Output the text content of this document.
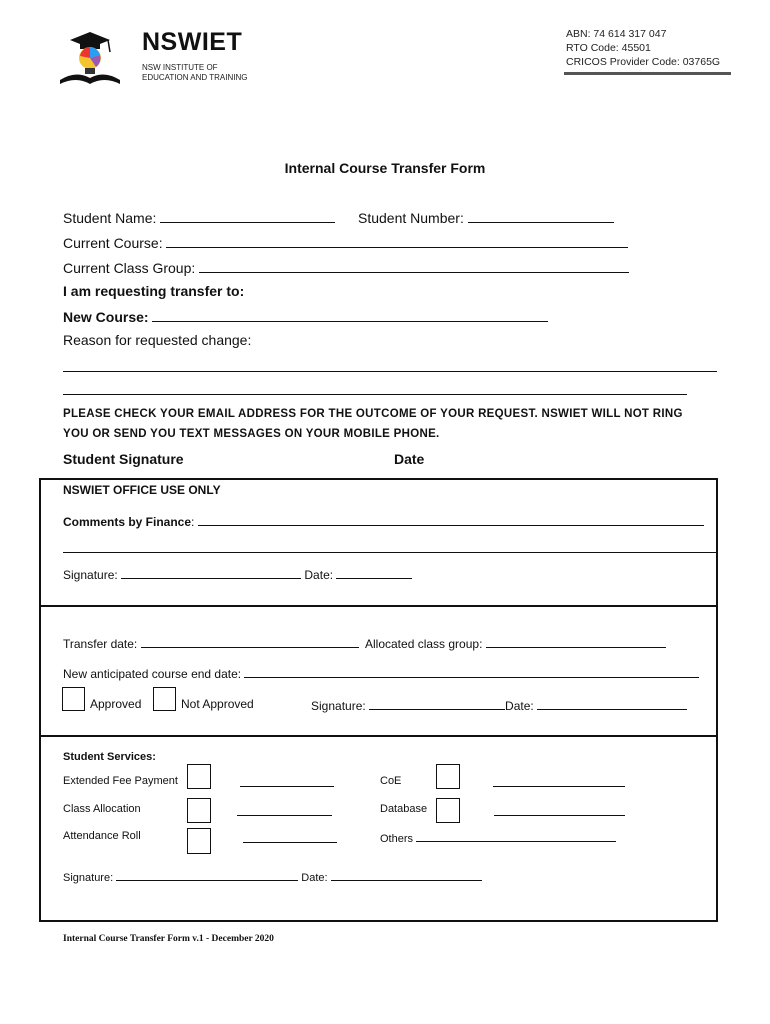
NSWIET
NSW INSTITUTE OF EDUCATION AND TRAINING
ABN: 74 614 317 047
RTO Code: 45501
CRICOS Provider Code: 03765G
Internal Course Transfer Form
Student Name:	Student Number:
Current Course:
Current Class Group:
I am requesting transfer to:
New Course:
Reason for requested change:
PLEASE CHECK YOUR EMAIL ADDRESS FOR THE OUTCOME OF YOUR REQUEST. NSWIET WILL NOT RING
YOU OR SEND YOU TEXT MESSAGES ON YOUR MOBILE PHONE.
Student Signature	Date
NSWIET OFFICE USE ONLY
Comments by Finance:
Signature:	Date:
Transfer date:	Allocated class group:
New anticipated course end date:
Approved	Not Approved	Signature:	Date:
Student Services:
Extended Fee Payment	CoE
Class Allocation	Database
Attendance Roll	Others
Signature:	Date:
Internal Course Transfer Form v.1 - December 2020
